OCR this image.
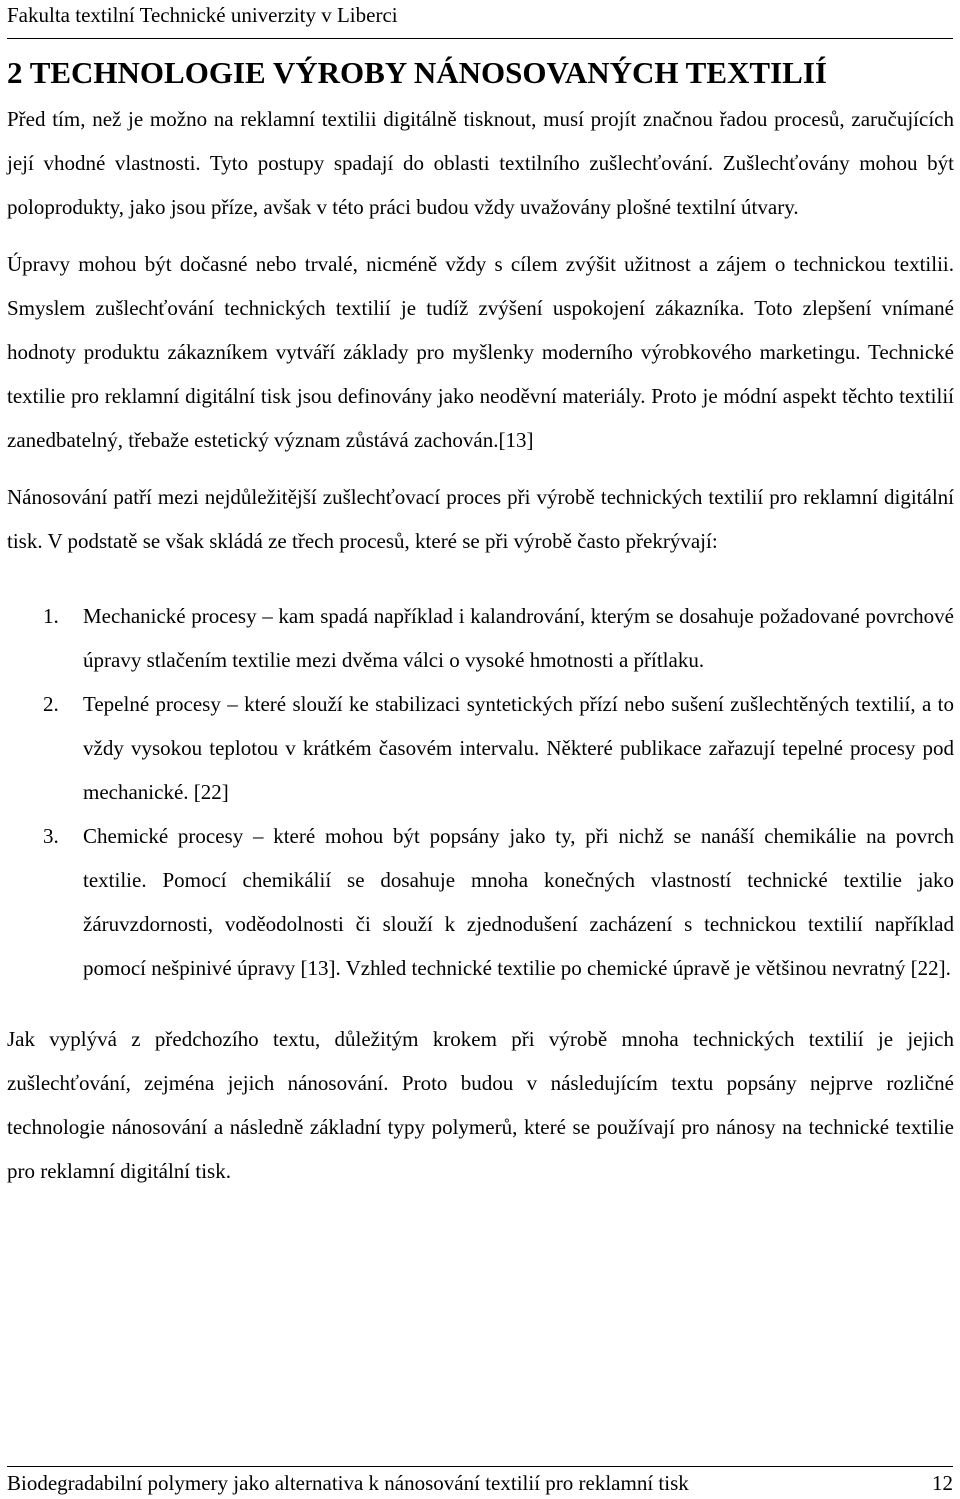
Fakulta textilní Technické univerzity v Liberci
2 TECHNOLOGIE VÝROBY NÁNOSOVANÝCH TEXTILIÍ

Před tím, než je možno na reklamní textilii digitálně tisknout, musí projít značnou řadou procesů, zaručujících její vhodné vlastnosti. Tyto postupy spadají do oblasti textilního zušlechťování. Zušlechťovány mohou být poloprodukty, jako jsou příze, avšak v této práci budou vždy uvažovány plošné textilní útvary.

Úpravy mohou být dočasné nebo trvalé, nicméně vždy s cílem zvýšit užitnost a zájem o technickou textilii. Smyslem zušlechťování technických textilií je tudíž zvýšení uspokojení zákazníka. Toto zlepšení vnímané hodnoty produktu zákazníkem vytváří základy pro myšlenky moderního výrobkového marketingu. Technické textilie pro reklamní digitální tisk jsou definovány jako neoděvní materiály. Proto je módní aspekt těchto textilií zanedbatelný, třebaže estetický význam zůstává zachován.[13]

Nánosování patří mezi nejdůležitější zušlechťovací proces při výrobě technických textilií pro reklamní digitální tisk. V podstatě se však skládá ze třech procesů, které se při výrobě často překrývají:

1. Mechanické procesy – kam spadá například i kalandrování, kterým se dosahuje požadované povrchové úpravy stlačením textilie mezi dvěma válci o vysoké hmotnosti a přítlaku.
2. Tepelné procesy – které slouží ke stabilizaci syntetických přízí nebo sušení zušlechtěných textilií, a to vždy vysokou teplotou v krátkém časovém intervalu. Některé publikace zařazují tepelné procesy pod mechanické. [22]
3. Chemické procesy – které mohou být popsány jako ty, při nichž se nanáší chemikálie na povrch textilie. Pomocí chemikálií se dosahuje mnoha konečných vlastností technické textilie jako žáruvzdornosti, voděodolnosti či slouží k zjednodušení zacházení s technickou textilií například pomocí nešpinivé úpravy [13]. Vzhled technické textilie po chemické úpravě je většinou nevratný [22].

Jak vyplývá z předchozího textu, důležitým krokem při výrobě mnoha technických textilií je jejich zušlechťování, zejména jejich nánosování. Proto budou v následujícím textu popsány nejprve rozličné technologie nánosování a následně základní typy polymerů, které se používají pro nánosy na technické textilie pro reklamní digitální tisk.

Biodegradabilní polymery jako alternativa k nánosování textilií pro reklamní tisk	12
